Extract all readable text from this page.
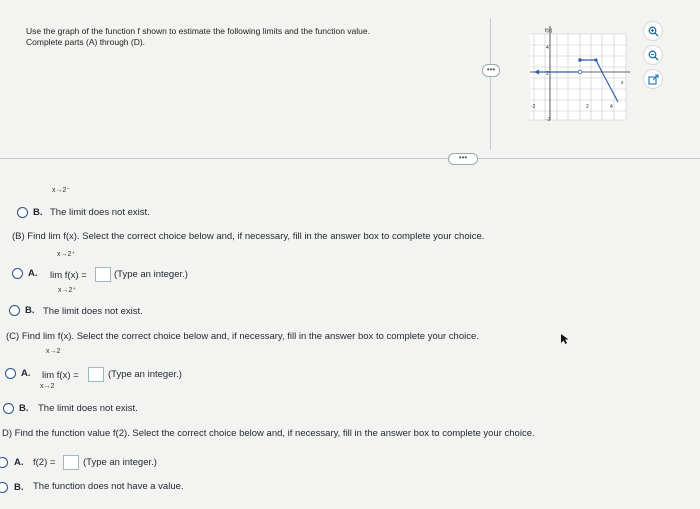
Use the graph of the function f shown to estimate the following limits and the function value.
Complete parts (A) through (D).
•••
f(x)
x
4
2
-2
-2	2	4
•••
x→2⁻
B. The limit does not exist.
(B) Find lim f(x). Select the correct choice below and, if necessary, fill in the answer box to complete your choice.
x→2⁺
A. lim f(x) =	(Type an integer.)
x→2⁺
B. The limit does not exist.
(C) Find lim f(x). Select the correct choice below and, if necessary, fill in the answer box to complete your choice.
x→2
A. lim f(x) =	(Type an integer.)
x→2
B. The limit does not exist.
D) Find the function value f(2). Select the correct choice below and, if necessary, fill in the answer box to complete your choice.
A. f(2) =	(Type an integer.)
B. The function does not have a value.
